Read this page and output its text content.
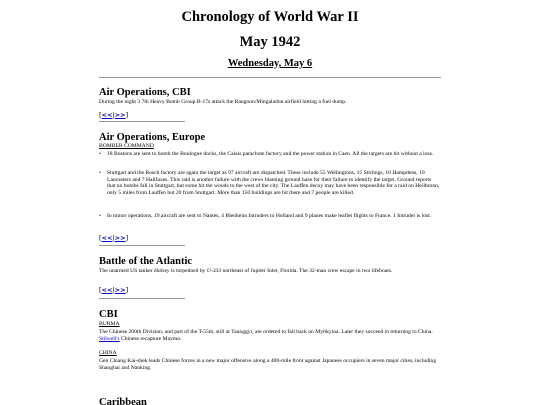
Chronology of World War II
May 1942
Wednesday, May 6
Air Operations, CBI
During the night 3 7th Heavy Bomb Group B-17s attack the Rangoon/Mingaladon airfield hitting a fuel dump.
[<<|>>]
Air Operations, Europe
BOMBER COMMAND
• 18 Bostons are sent to bomb the Boulogne docks, the Calais parachute factory and the power station in Caen. All the targets are hit without a loss.
• Stuttgart and the Bosch factory are again the target as 97 aircraft are dispatched. These include 55 Wellingtons, 15 Stirlings, 10 Hampdens, 10 Lancasters and 7 Halifaxes. This raid is another failure with the crews blaming ground haze for their failure to identify the target. Ground reports that no bombs fall in Stuttgart, but some hit the woods to the west of the city. The Lauffen decoy may have been responsible for a raid on Heilbronn, only 5 miles from Lauffen but 20 from Stuttgart. More than 150 buildings are hit there and 7 people are killed.
• In minor operations, 19 aircraft are sent to Nantes, 4 Blenheim Intruders to Holland and 9 planes make leaflet flights to France. 1 Intruder is lost.
[<<|>>]
Battle of the Atlantic
The unarmed US tanker Halsey is torpedoed by U-333 northeast of Jupiter Inlet, Florida. The 32-man crew escape in two lifeboats.
[<<|>>]
CBI
BURMA
The Chinese 200th Division, and part of the T-55th, still at Taunggyi, are ordered to fall back on Myitkyina. Later they succeed in returning to China. Stilwell's Chinese recapture Maymo.
CHINA
Gen Chiang Kai-shek leads Chinese forces in a new major offensive along a 400-mile front against Japanese occupiers in seven major cities, including Shanghai and Nanking.
Caribbean
